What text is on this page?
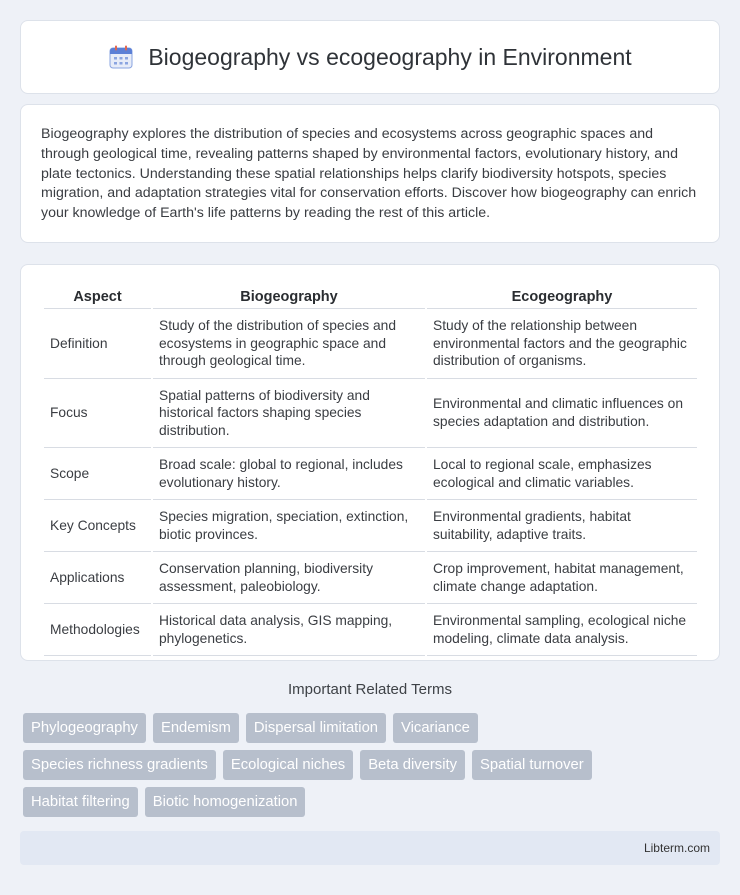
Biogeography vs ecogeography in Environment

Biogeography explores the distribution of species and ecosystems across geographic spaces and through geological time, revealing patterns shaped by environmental factors, evolutionary history, and plate tectonics. Understanding these spatial relationships helps clarify biodiversity hotspots, species migration, and adaptation strategies vital for conservation efforts. Discover how biogeography can enrich your knowledge of Earth's life patterns by reading the rest of this article.

Aspect	Biogeography	Ecogeography
Definition	Study of the distribution of species and ecosystems in geographic space and through geological time.	Study of the relationship between environmental factors and the geographic distribution of organisms.
Focus	Spatial patterns of biodiversity and historical factors shaping species distribution.	Environmental and climatic influences on species adaptation and distribution.
Scope	Broad scale: global to regional, includes evolutionary history.	Local to regional scale, emphasizes ecological and climatic variables.
Key Concepts	Species migration, speciation, extinction, biotic provinces.	Environmental gradients, habitat suitability, adaptive traits.
Applications	Conservation planning, biodiversity assessment, paleobiology.	Crop improvement, habitat management, climate change adaptation.
Methodologies	Historical data analysis, GIS mapping, phylogenetics.	Environmental sampling, ecological niche modeling, climate data analysis.
Important Related Terms
Phylogeography	Endemism	Dispersal limitation	Vicariance
Species richness gradients	Ecological niches	Beta diversity	Spatial turnover
Habitat filtering	Biotic homogenization
Libterm.com
